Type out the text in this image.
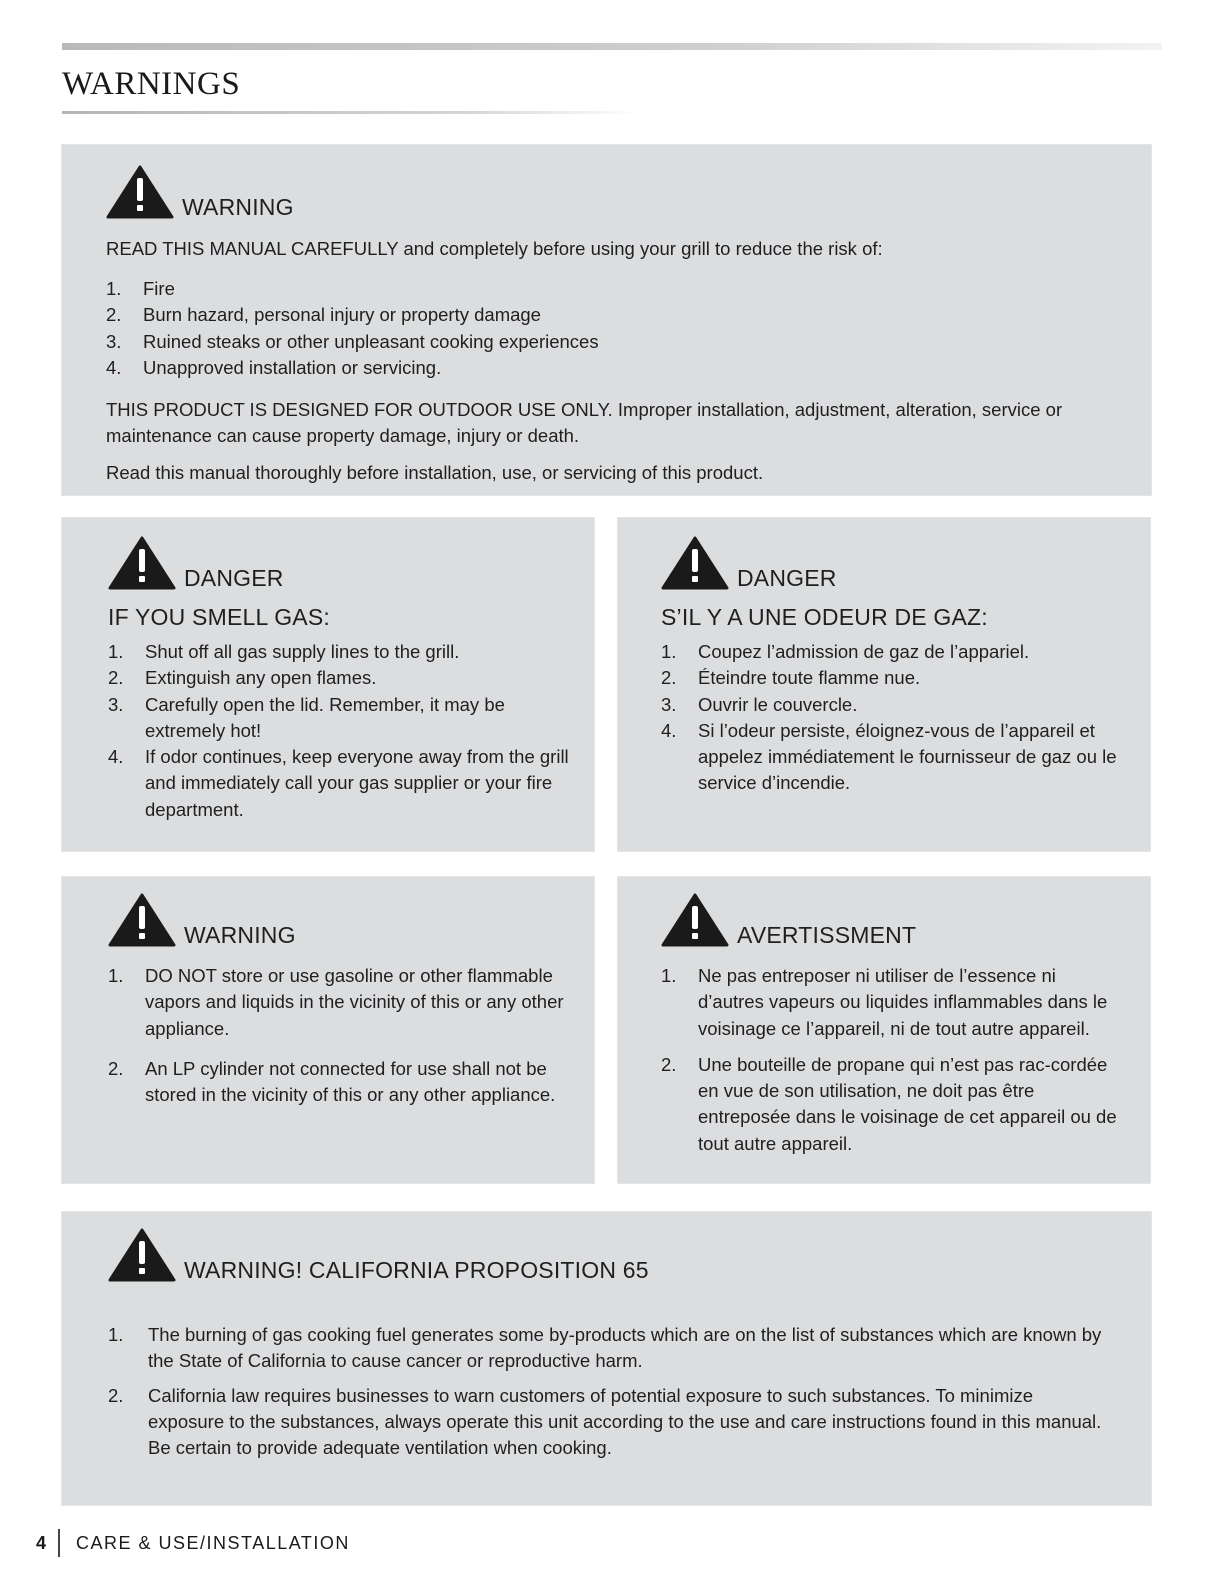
WARNINGS
WARNING

READ THIS MANUAL CAREFULLY and completely before using your grill to reduce the risk of:

1.	Fire
2.	Burn hazard, personal injury or property damage
3.	Ruined steaks or other unpleasant cooking experiences
4.	Unapproved installation or servicing.

THIS PRODUCT IS DESIGNED FOR OUTDOOR USE ONLY. Improper installation, adjustment, alteration, service or maintenance can cause property damage, injury or death.

Read this manual thoroughly before installation, use, or servicing of this product.

DANGER
IF YOU SMELL GAS:
1.	Shut off all gas supply lines to the grill.
2.	Extinguish any open flames.
3.	Carefully open the lid. Remember, it may be extremely hot!
4.	If odor continues, keep everyone away from the grill and immediately call your gas supplier or your fire department.
DANGER
S’IL Y A UNE ODEUR DE GAZ:
1.	Coupez l’admission de gaz de l’appariel.
2.	Éteindre toute flamme nue.
3.	Ouvrir le couvercle.
4.	Si l’odeur persiste, éloignez-vous de l’appareil et appelez immédiatement le fournisseur de gaz ou le service d’incendie.
WARNING
1.	DO NOT store or use gasoline or other flammable vapors and liquids in the vicinity of this or any other appliance.
2.	An LP cylinder not connected for use shall not be stored in the vicinity of this or any other appliance.
AVERTISSMENT
1.	Ne pas entreposer ni utiliser de l’essence ni d’autres vapeurs ou liquides inflammables dans le voisinage ce l’appareil, ni de tout autre appareil.
2.	Une bouteille de propane qui n’est pas rac-cordée en vue de son utilisation, ne doit pas être entreposée dans le voisinage de cet appareil ou de tout autre appareil.
WARNING! CALIFORNIA PROPOSITION 65
1.	The burning of gas cooking fuel generates some by-products which are on the list of substances which are known by the State of California to cause cancer or reproductive harm.
2.	California law requires businesses to warn customers of potential exposure to such substances. To minimize exposure to the substances, always operate this unit according to the use and care instructions found in this manual. Be certain to provide adequate ventilation when cooking.
4 CARE & USE/INSTALLATION
